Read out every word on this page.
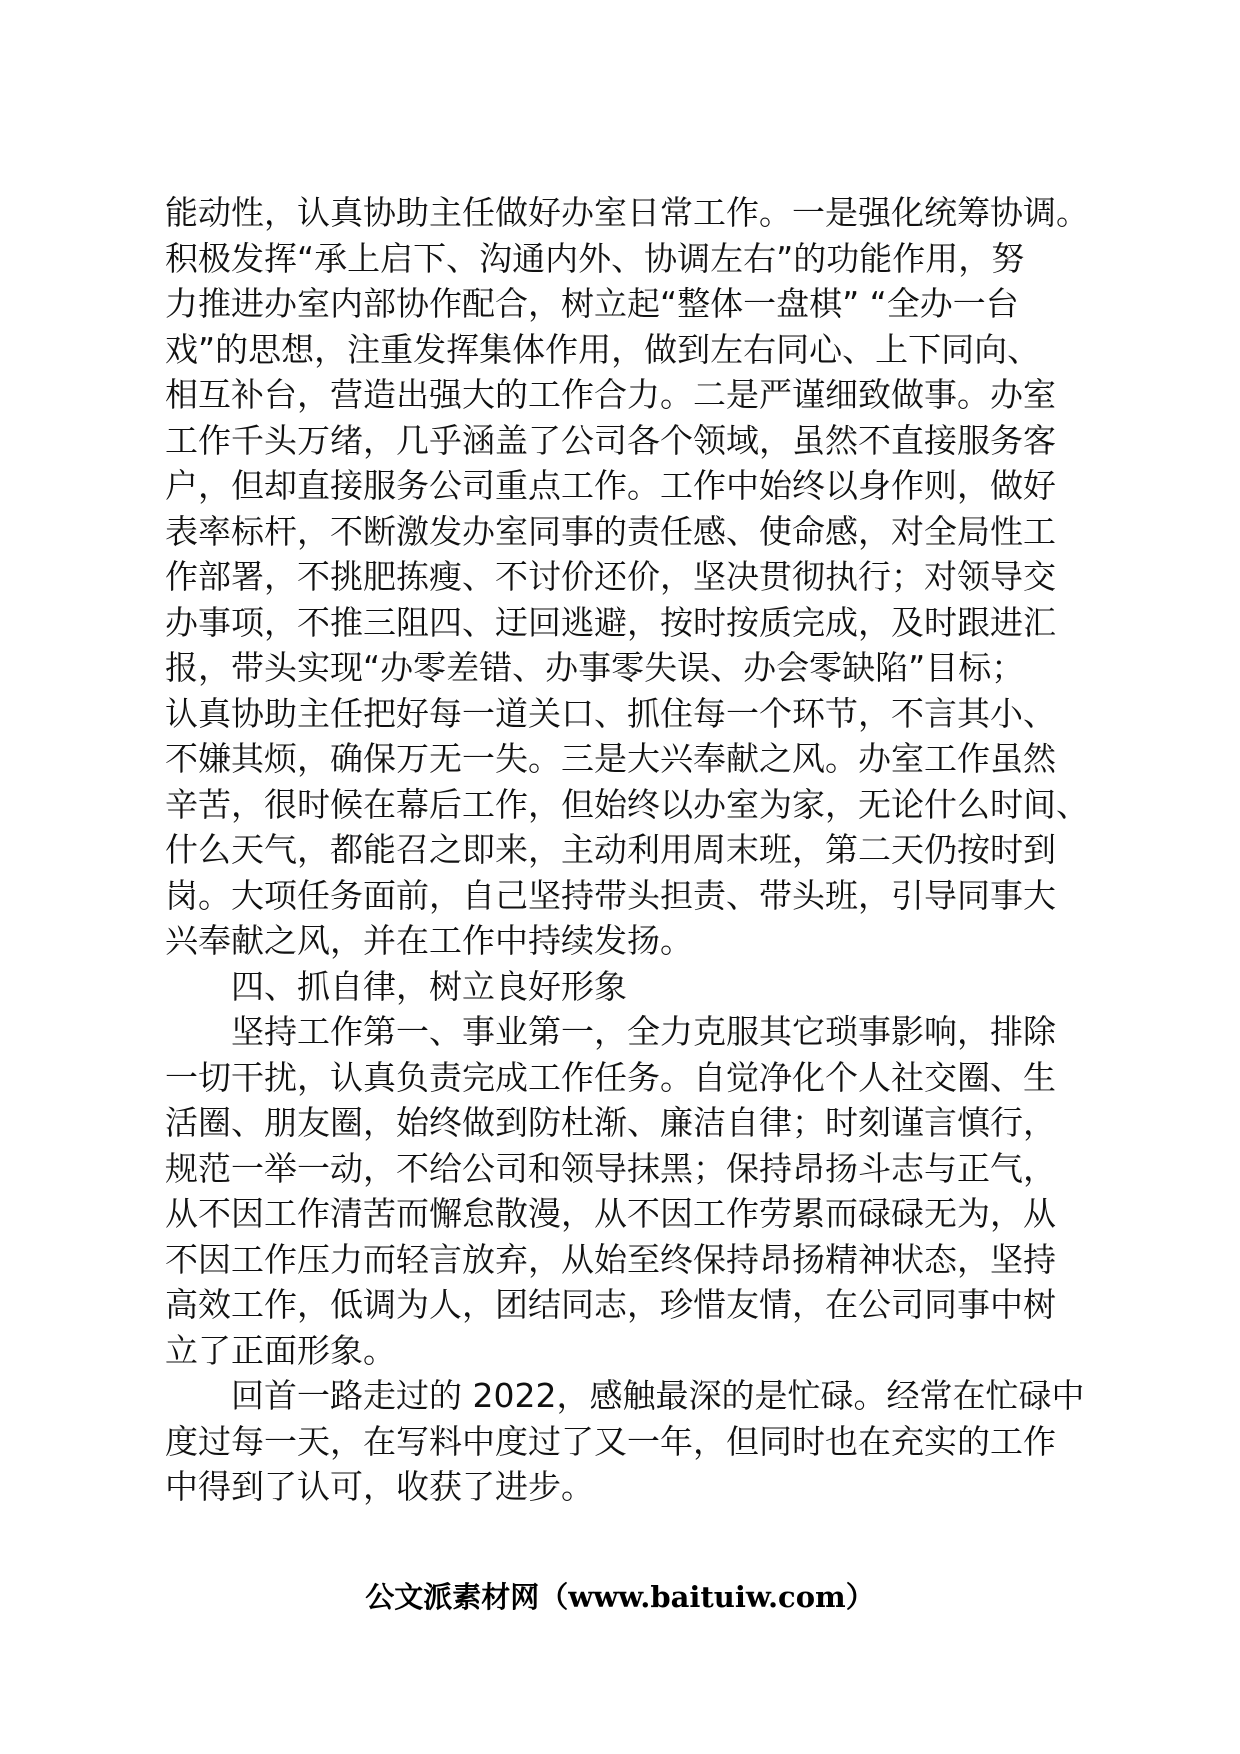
能动性，认真协助主任做好办室日常工作。一是强化统筹协调。
积极发挥“承上启下、沟通内外、协调左右”的功能作用，努
力推进办室内部协作配合，树立起“整体一盘棋” “全办一台
戏”的思想，注重发挥集体作用，做到左右同心、上下同向、
相互补台，营造出强大的工作合力。二是严谨细致做事。办室
工作千头万绪，几乎涵盖了公司各个领域，虽然不直接服务客
户，但却直接服务公司重点工作。工作中始终以身作则，做好
表率标杆，不断激发办室同事的责任感、使命感，对全局性工
作部署，不挑肥拣瘦、不讨价还价，坚决贯彻执行；对领导交
办事项，不推三阻四、迂回逃避，按时按质完成，及时跟进汇
报，带头实现“办零差错、办事零失误、办会零缺陷”目标；
认真协助主任把好每一道关口、抓住每一个环节，不言其小、
不嫌其烦，确保万无一失。三是大兴奉献之风。办室工作虽然
辛苦，很时候在幕后工作，但始终以办室为家，无论什么时间、
什么天气，都能召之即来，主动利用周末班，第二天仍按时到
岗。大项任务面前，自己坚持带头担责、带头班，引导同事大
兴奉献之风，并在工作中持续发扬。

四、抓自律，树立良好形象

　　坚持工作第一、事业第一，全力克服其它琐事影响，排除
一切干扰，认真负责完成工作任务。自觉净化个人社交圈、生
活圈、朋友圈，始终做到防杜渐、廉洁自律；时刻谨言慎行，
规范一举一动，不给公司和领导抹黑；保持昂扬斗志与正气，
从不因工作清苦而懈怠散漫，从不因工作劳累而碌碌无为，从
不因工作压力而轻言放弃，从始至终保持昂扬精神状态，坚持
高效工作，低调为人，团结同志，珍惜友情，在公司同事中树
立了正面形象。

　　回首一路走过的 2022，感触最深的是忙碌。经常在忙碌中
度过每一天，在写料中度过了又一年，但同时也在充实的工作
中得到了认可，收获了进步。

公文派素材网（www.baituiw.com）
